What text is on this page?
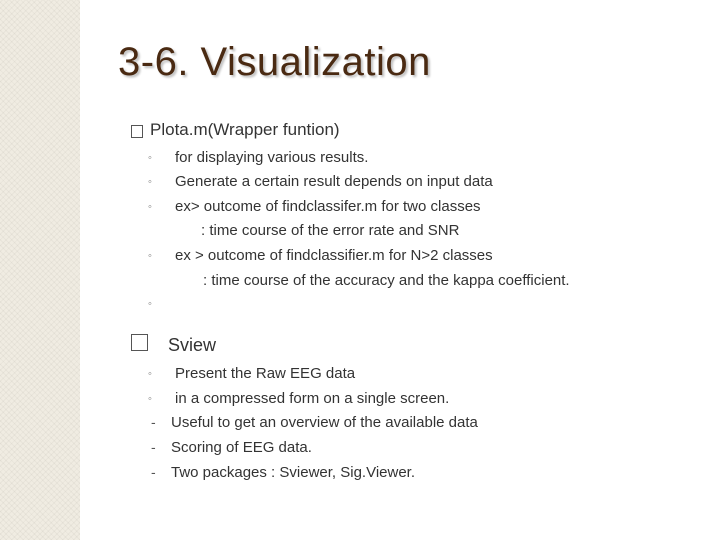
3-6. Visualization
Plota.m(Wrapper funtion)
◦ for displaying various results.
◦ Generate a certain result depends on input data
◦ ex> outcome of findclassifer.m for two classes
: time course of the error rate and SNR
◦ ex > outcome of findclassifier.m for N>2 classes
: time course of the accuracy and the kappa coefficient.
◦
Sview
◦ Present the Raw EEG data
◦ in a compressed form on a single screen.
- Useful to get an overview of the available data
- Scoring of EEG data.
- Two packages : Sviewer, Sig.Viewer.
